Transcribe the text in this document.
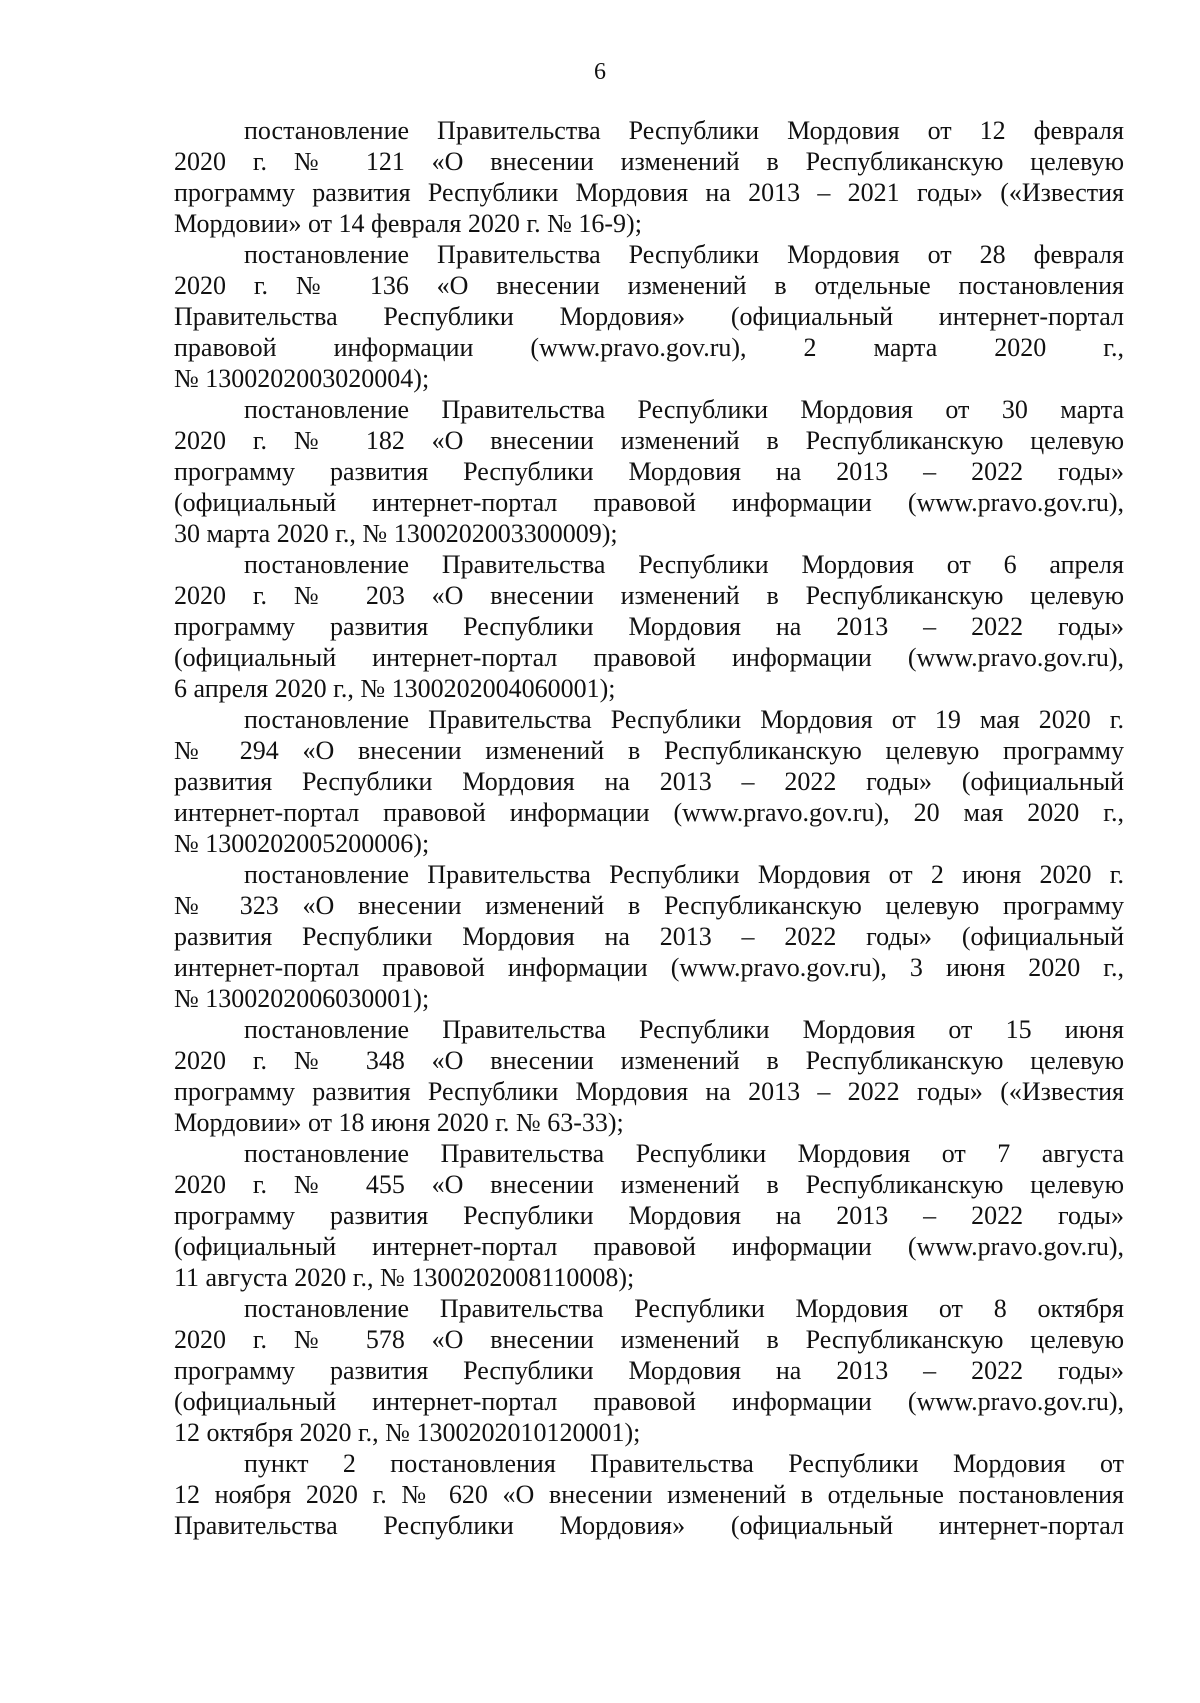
6
постановление Правительства Республики Мордовия от 12 февраля
2020 г. № 121 «О внесении изменений в Республиканскую целевую
программу развития Республики Мордовия на 2013 – 2021 годы» («Известия
Мордовии» от 14 февраля 2020 г. № 16-9);
постановление Правительства Республики Мордовия от 28 февраля
2020 г. № 136 «О внесении изменений в отдельные постановления
Правительства Республики Мордовия» (официальный интернет-портал
правовой информации (www.pravo.gov.ru), 2 марта 2020 г.,
№ 1300202003020004);
постановление Правительства Республики Мордовия от 30 марта
2020 г. № 182 «О внесении изменений в Республиканскую целевую
программу развития Республики Мордовия на 2013 – 2022 годы»
(официальный интернет-портал правовой информации (www.pravo.gov.ru),
30 марта 2020 г., № 1300202003300009);
постановление Правительства Республики Мордовия от 6 апреля
2020 г. № 203 «О внесении изменений в Республиканскую целевую
программу развития Республики Мордовия на 2013 – 2022 годы»
(официальный интернет-портал правовой информации (www.pravo.gov.ru),
6 апреля 2020 г., № 1300202004060001);
постановление Правительства Республики Мордовия от 19 мая 2020 г.
№ 294 «О внесении изменений в Республиканскую целевую программу
развития Республики Мордовия на 2013 – 2022 годы» (официальный
интернет-портал правовой информации (www.pravo.gov.ru), 20 мая 2020 г.,
№ 1300202005200006);
постановление Правительства Республики Мордовия от 2 июня 2020 г.
№ 323 «О внесении изменений в Республиканскую целевую программу
развития Республики Мордовия на 2013 – 2022 годы» (официальный
интернет-портал правовой информации (www.pravo.gov.ru), 3 июня 2020 г.,
№ 1300202006030001);
постановление Правительства Республики Мордовия от 15 июня
2020 г. № 348 «О внесении изменений в Республиканскую целевую
программу развития Республики Мордовия на 2013 – 2022 годы» («Известия
Мордовии» от 18 июня 2020 г. № 63-33);
постановление Правительства Республики Мордовия от 7 августа
2020 г. № 455 «О внесении изменений в Республиканскую целевую
программу развития Республики Мордовия на 2013 – 2022 годы»
(официальный интернет-портал правовой информации (www.pravo.gov.ru),
11 августа 2020 г., № 1300202008110008);
постановление Правительства Республики Мордовия от 8 октября
2020 г. № 578 «О внесении изменений в Республиканскую целевую
программу развития Республики Мордовия на 2013 – 2022 годы»
(официальный интернет-портал правовой информации (www.pravo.gov.ru),
12 октября 2020 г., № 1300202010120001);
пункт 2 постановления Правительства Республики Мордовия от
12 ноября 2020 г. № 620 «О внесении изменений в отдельные постановления
Правительства Республики Мордовия» (официальный интернет-портал
